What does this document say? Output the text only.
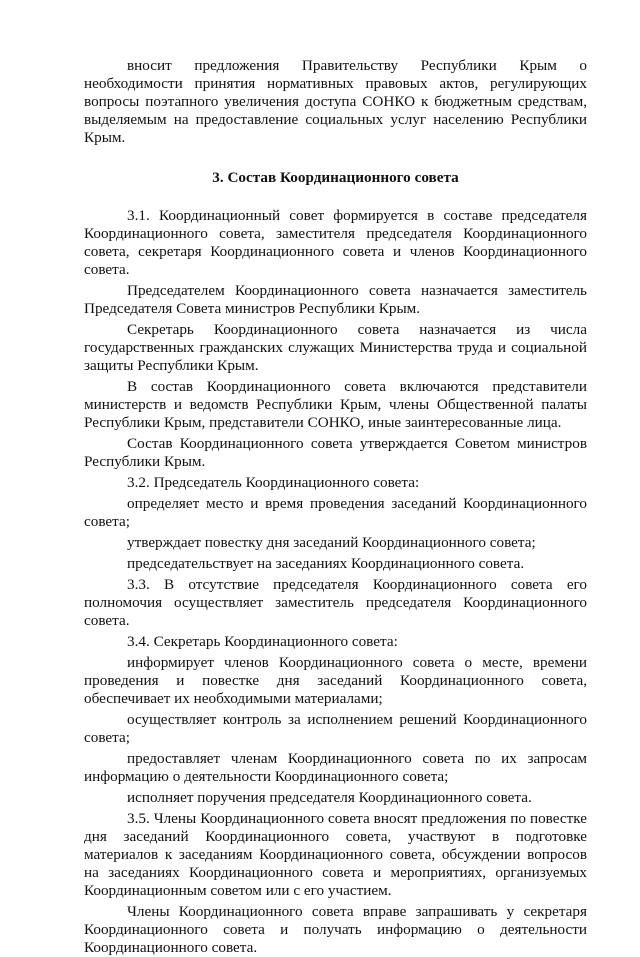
вносит предложения Правительству Республики Крым о необходимости принятия нормативных правовых актов, регулирующих вопросы поэтапного увеличения доступа СОНКО к бюджетным средствам, выделяемым на предоставление социальных услуг населению Республики Крым.

3. Состав Координационного совета

3.1. Координационный совет формируется в составе председателя Координационного совета, заместителя председателя Координационного совета, секретаря Координационного совета и членов Координационного совета.

Председателем Координационного совета назначается заместитель Председателя Совета министров Республики Крым.

Секретарь Координационного совета назначается из числа государственных гражданских служащих Министерства труда и социальной защиты Республики Крым.

В состав Координационного совета включаются представители министерств и ведомств Республики Крым, члены Общественной палаты Республики Крым, представители СОНКО, иные заинтересованные лица.

Состав Координационного совета утверждается Советом министров Республики Крым.

3.2. Председатель Координационного совета:

определяет место и время проведения заседаний Координационного совета;

утверждает повестку дня заседаний Координационного совета;

председательствует на заседаниях Координационного совета.

3.3. В отсутствие председателя Координационного совета его полномочия осуществляет заместитель председателя Координационного совета.

3.4. Секретарь Координационного совета:

информирует членов Координационного совета о месте, времени проведения и повестке дня заседаний Координационного совета, обеспечивает их необходимыми материалами;

осуществляет контроль за исполнением решений Координационного совета;

предоставляет членам Координационного совета по их запросам информацию о деятельности Координационного совета;

исполняет поручения председателя Координационного совета.

3.5. Члены Координационного совета вносят предложения по повестке дня заседаний Координационного совета, участвуют в подготовке материалов к заседаниям Координационного совета, обсуждении вопросов на заседаниях Координационного совета и мероприятиях, организуемых Координационным советом или с его участием.

Члены Координационного совета вправе запрашивать у секретаря Координационного совета и получать информацию о деятельности Координационного совета.
